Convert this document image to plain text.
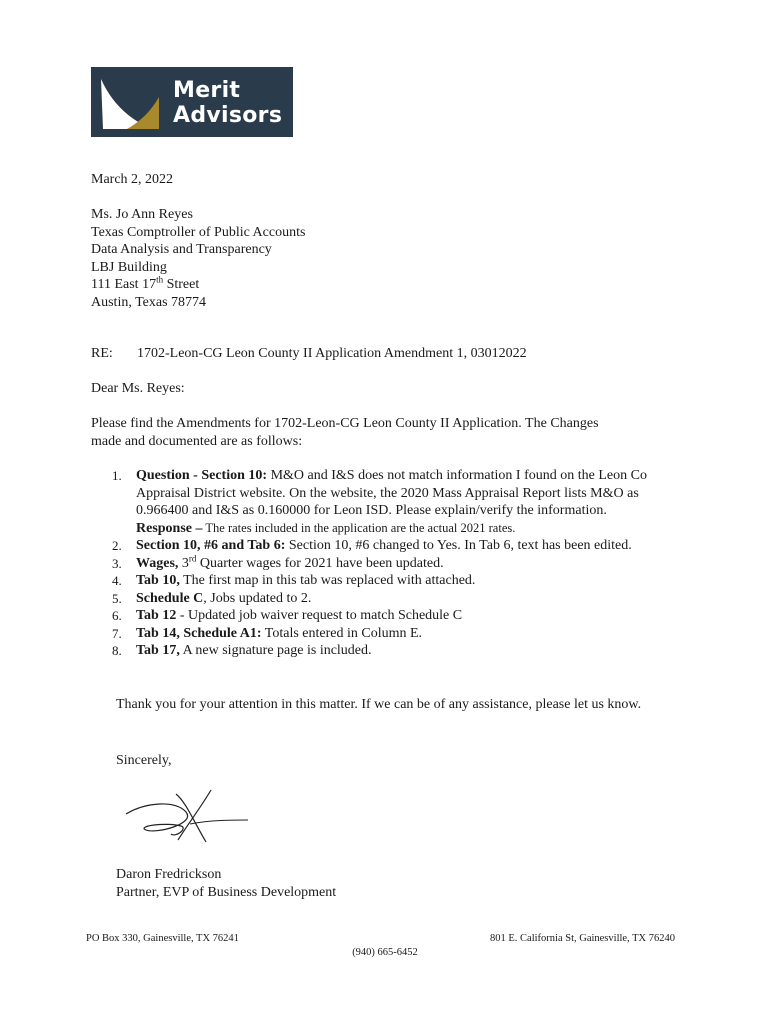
Merit
Advisors
March 2, 2022
Ms. Jo Ann Reyes
Texas Comptroller of Public Accounts
Data Analysis and Transparency
LBJ Building
111 East 17th Street
Austin, Texas 78774
RE: 1702-Leon-CG Leon County II Application Amendment 1, 03012022
Dear Ms. Reyes:
Please find the Amendments for 1702-Leon-CG Leon County II Application. The Changes made and documented are as follows:
1. Question - Section 10: M&O and I&S does not match information I found on the Leon Co Appraisal District website. On the website, the 2020 Mass Appraisal Report lists M&O as 0.966400 and I&S as 0.160000 for Leon ISD. Please explain/verify the information.
Response – The rates included in the application are the actual 2021 rates.
2. Section 10, #6 and Tab 6: Section 10, #6 changed to Yes. In Tab 6, text has been edited.
3. Wages, 3rd Quarter wages for 2021 have been updated.
4. Tab 10, The first map in this tab was replaced with attached.
5. Schedule C, Jobs updated to 2.
6. Tab 12 - Updated job waiver request to match Schedule C
7. Tab 14, Schedule A1: Totals entered in Column E.
8. Tab 17, A new signature page is included.
Thank you for your attention in this matter. If we can be of any assistance, please let us know.
Sincerely,
Daron Fredrickson
Partner, EVP of Business Development
PO Box 330, Gainesville, TX 76241	801 E. California St, Gainesville, TX 76240
(940) 665-6452
